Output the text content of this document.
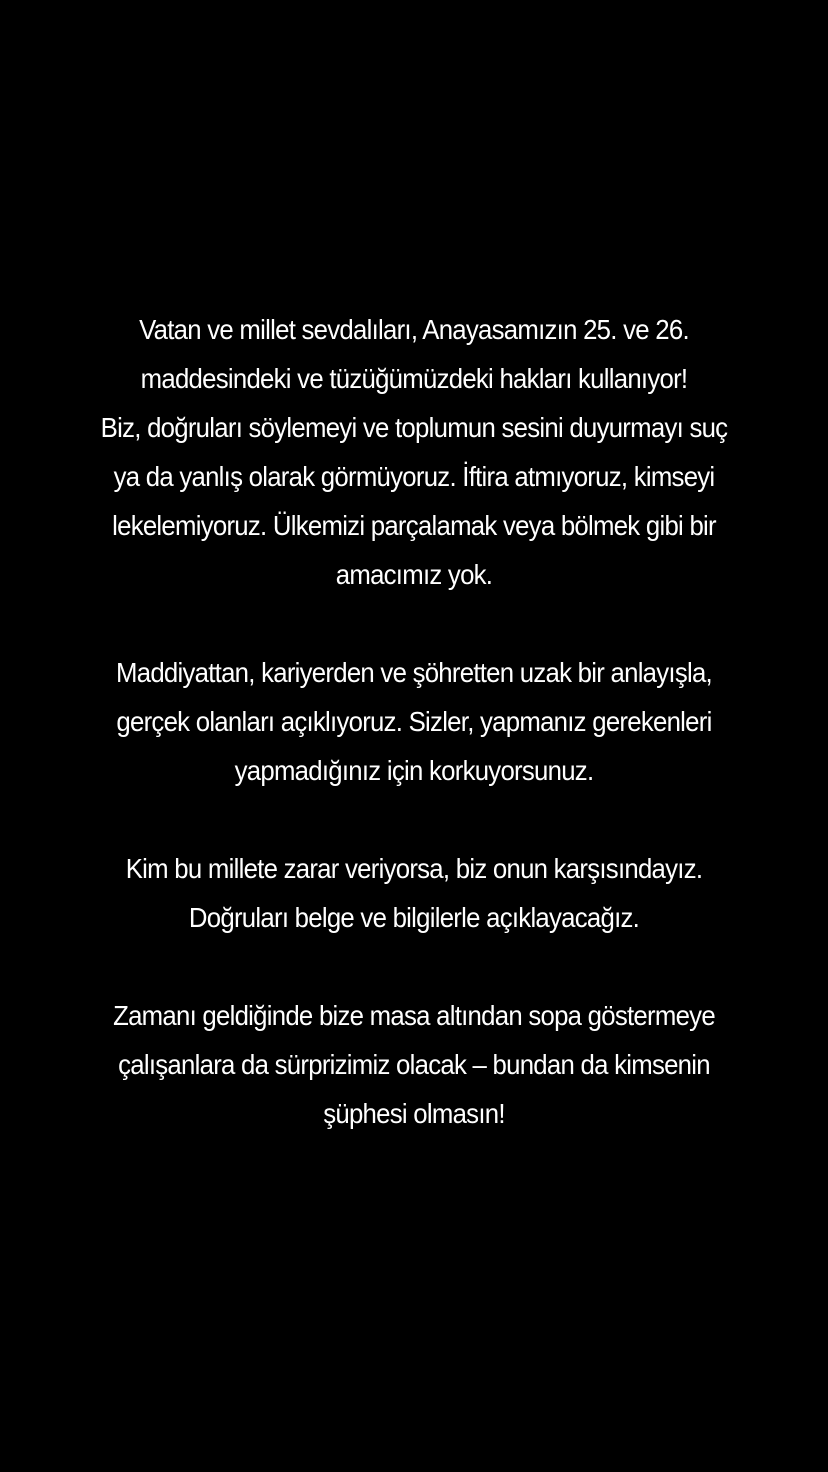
Vatan ve millet sevdalıları, Anayasamızın 25. ve 26.
maddesindeki ve tüzüğümüzdeki hakları kullanıyor!
Biz, doğruları söylemeyi ve toplumun sesini duyurmayı suç
ya da yanlış olarak görmüyoruz. İftira atmıyoruz, kimseyi
lekelemiyoruz. Ülkemizi parçalamak veya bölmek gibi bir
amacımız yok.
Maddiyattan, kariyerden ve şöhretten uzak bir anlayışla,
gerçek olanları açıklıyoruz. Sizler, yapmanız gerekenleri
yapmadığınız için korkuyorsunuz.
Kim bu millete zarar veriyorsa, biz onun karşısındayız.
Doğruları belge ve bilgilerle açıklayacağız.
Zamanı geldiğinde bize masa altından sopa göstermeye
çalışanlara da sürprizimiz olacak – bundan da kimsenin
şüphesi olmasın!
